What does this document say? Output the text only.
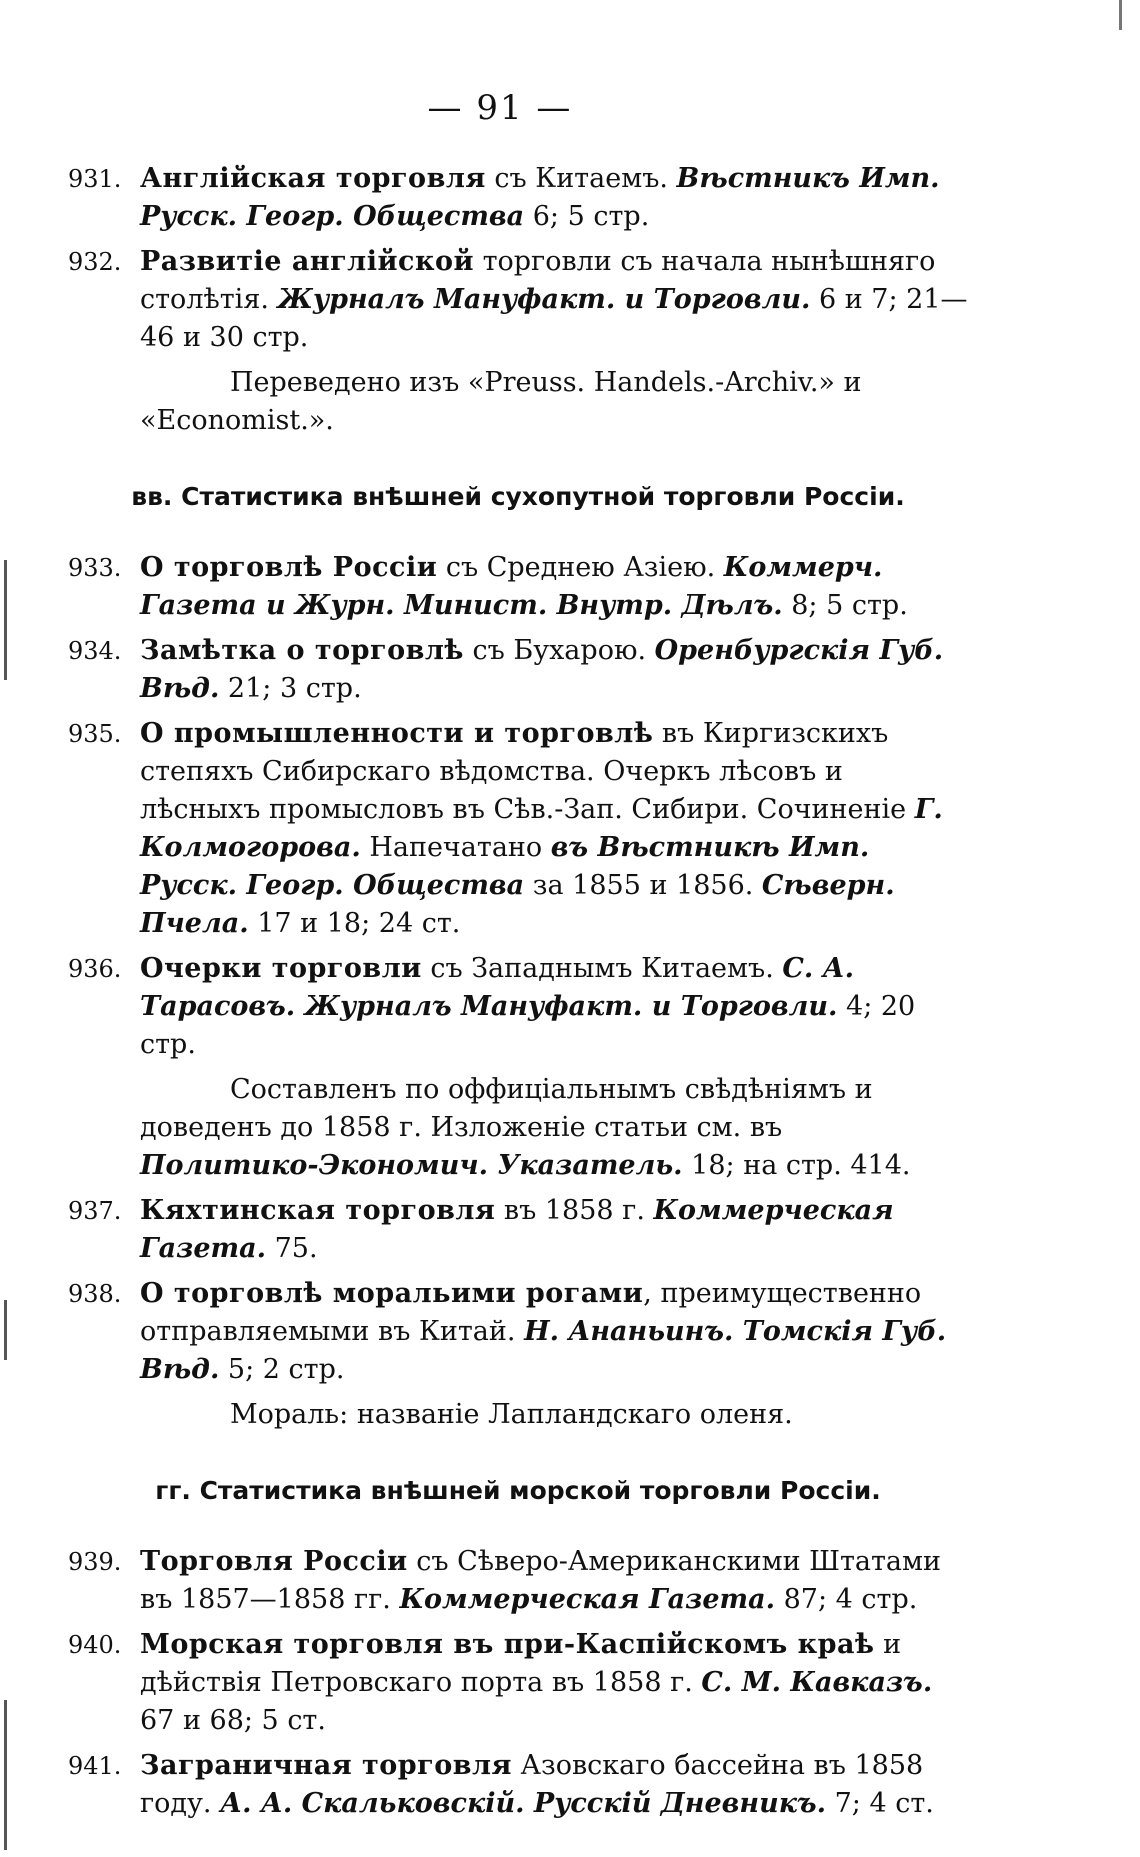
— 91 —
931. Англійская торговля съ Китаемъ. Вѣстникъ Имп. Русск. Геогр. Общества 6; 5 стр.
932. Развитіе англійской торговли съ начала нынѣшняго столѣтія. Журналъ Мануфакт. и Торговли. 6 и 7; 21—46 и 30 стр.
Переведено изъ «Preuss. Handels.-Archiv.» и «Economist.».
вв. Статистика внѣшней сухопутной торговли Россіи.
933. О торговлѣ Россіи съ Среднею Азіею. Коммерч. Газета и Журн. Минист. Внутр. Дѣлъ. 8; 5 стр.
934. Замѣтка о торговлѣ съ Бухарою. Оренбургскія Губ. Вѣд. 21; 3 стр.
935. О промышленности и торговлѣ въ Киргизскихъ степяхъ Сибирскаго вѣдомства. Очеркъ лѣсовъ и лѣсныхъ промысловъ въ Сѣв.-Зап. Сибири. Сочиненіе Г. Колмогорова. Напечатано въ Вѣстникѣ Имп. Русск. Геогр. Общества за 1855 и 1856. Сѣверн. Пчела. 17 и 18; 24 ст.
936. Очерки торговли съ Западнымъ Китаемъ. С. А. Тарасовъ. Журналъ Мануфакт. и Торговли. 4; 20 стр.
Составленъ по оффиціальнымъ свѣдѣніямъ и доведенъ до 1858 г. Изложеніе статьи см. въ Политико-Экономич. Указатель. 18; на стр. 414.
937. Кяхтинская торговля въ 1858 г. Коммерческая Газета. 75.
938. О торговлѣ моральими рогами, преимущественно отправляемыми въ Китай. Н. Ананьинъ. Томскія Губ. Вѣд. 5; 2 стр.
Мораль: названіе Лапландскаго оленя.
гг. Статистика внѣшней морской торговли Россіи.
939. Торговля Россіи съ Сѣверо-Американскими Штатами въ 1857—1858 гг. Коммерческая Газета. 87; 4 стр.
940. Морская торговля въ при-Каспійскомъ краѣ и дѣйствія Петровскаго порта въ 1858 г. С. М. Кавказъ. 67 и 68; 5 ст.
941. Заграничная торговля Азовскаго бассейна въ 1858 году. А. А. Скальковскій. Русскій Дневникъ. 7; 4 ст.
